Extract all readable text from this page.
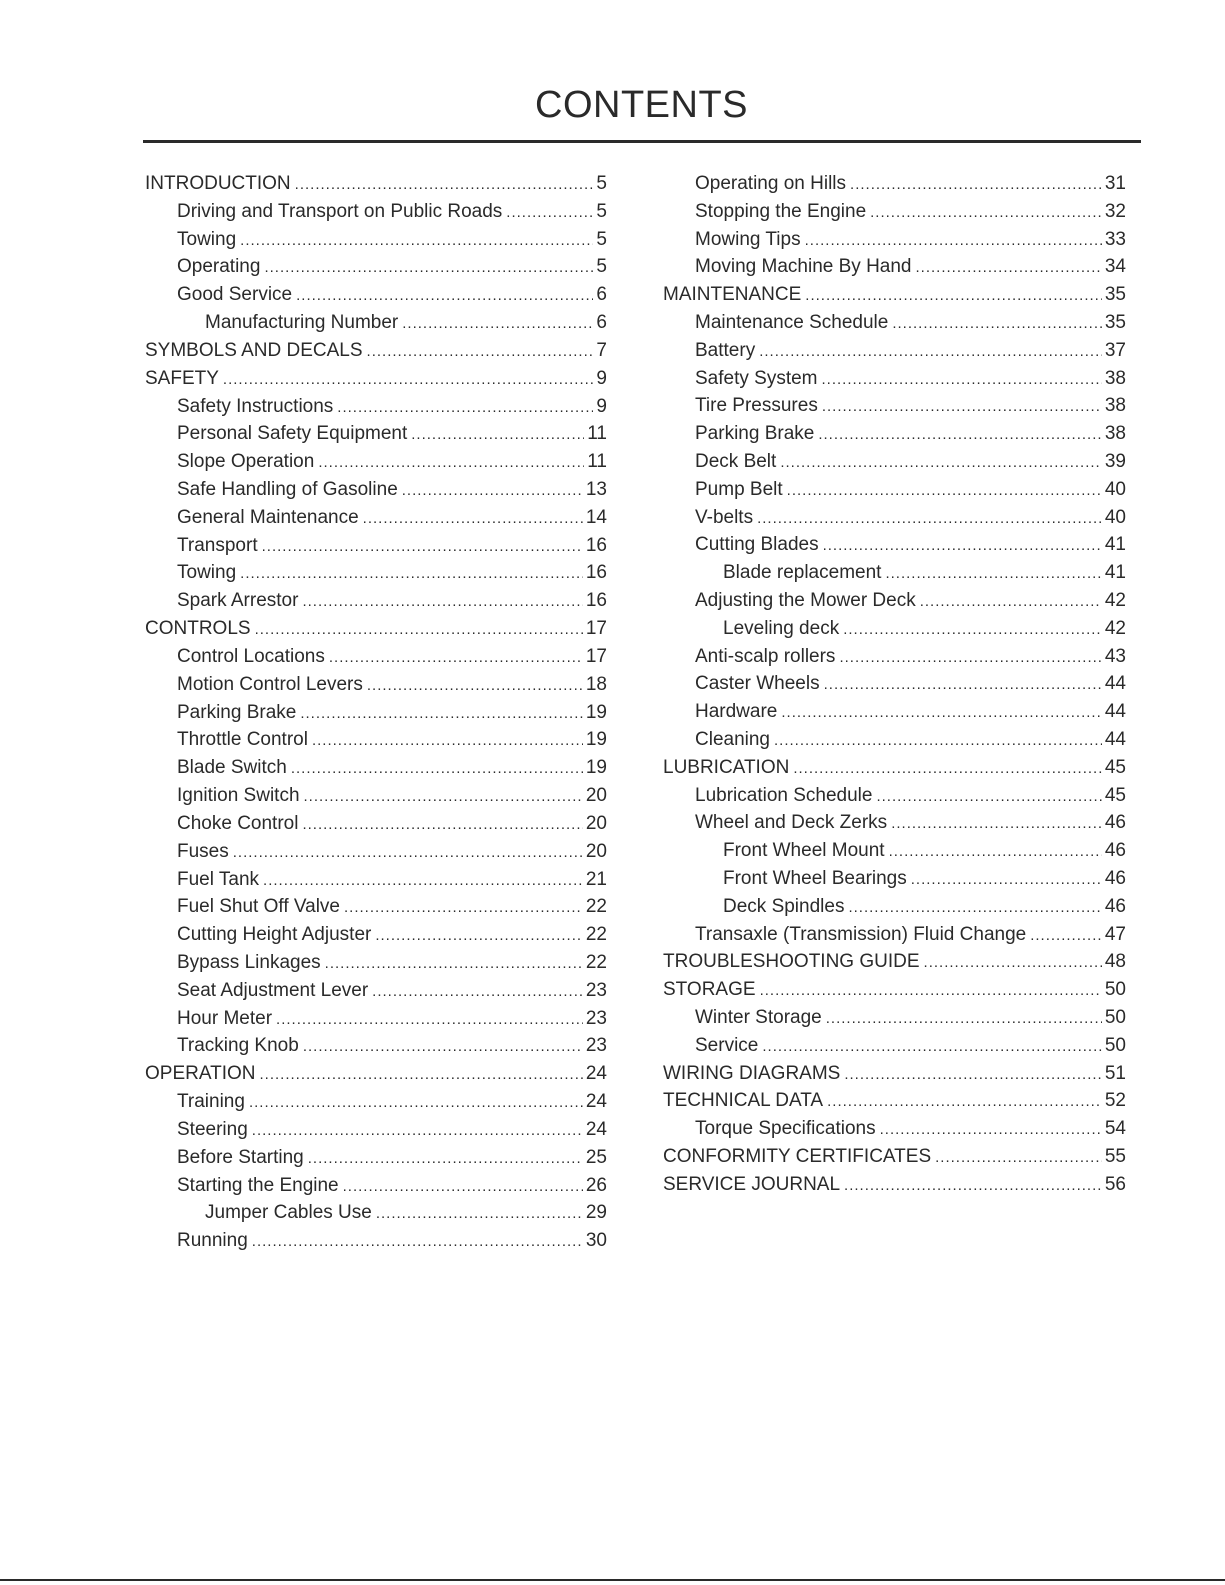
CONTENTS
INTRODUCTION .....	5
Driving and Transport on Public Roads .....	5
Towing .....	5
Operating .....	5
Good Service .....	6
Manufacturing Number .....	6
SYMBOLS AND DECALS .....	7
SAFETY .....	9
Safety Instructions .....	9
Personal Safety Equipment .....	11
Slope Operation .....	11
Safe Handling of Gasoline .....	13
General Maintenance .....	14
Transport .....	16
Towing .....	16
Spark Arrestor .....	16
CONTROLS .....	17
Control Locations .....	17
Motion Control Levers .....	18
Parking Brake .....	19
Throttle Control .....	19
Blade Switch .....	19
Ignition Switch .....	20
Choke Control .....	20
Fuses .....	20
Fuel Tank .....	21
Fuel Shut Off Valve .....	22
Cutting Height Adjuster .....	22
Bypass Linkages .....	22
Seat Adjustment Lever .....	23
Hour Meter .....	23
Tracking Knob .....	23
OPERATION .....	24
Training .....	24
Steering .....	24
Before Starting .....	25
Starting the Engine .....	26
Jumper Cables Use .....	29
Running .....	30
Operating on Hills .....	31
Stopping the Engine .....	32
Mowing Tips .....	33
Moving Machine By Hand .....	34
MAINTENANCE .....	35
Maintenance Schedule .....	35
Battery .....	37
Safety System .....	38
Tire Pressures .....	38
Parking Brake .....	38
Deck Belt .....	39
Pump Belt .....	40
V-belts .....	40
Cutting Blades .....	41
Blade replacement .....	41
Adjusting the Mower Deck .....	42
Leveling deck .....	42
Anti-scalp rollers .....	43
Caster Wheels .....	44
Hardware .....	44
Cleaning .....	44
LUBRICATION .....	45
Lubrication Schedule .....	45
Wheel and Deck Zerks .....	46
Front Wheel Mount .....	46
Front Wheel Bearings .....	46
Deck Spindles .....	46
Transaxle (Transmission) Fluid Change .....	47
TROUBLESHOOTING GUIDE .....	48
STORAGE .....	50
Winter Storage .....	50
Service .....	50
WIRING DIAGRAMS .....	51
TECHNICAL DATA .....	52
Torque Specifications .....	54
CONFORMITY CERTIFICATES .....	55
SERVICE JOURNAL .....	56
